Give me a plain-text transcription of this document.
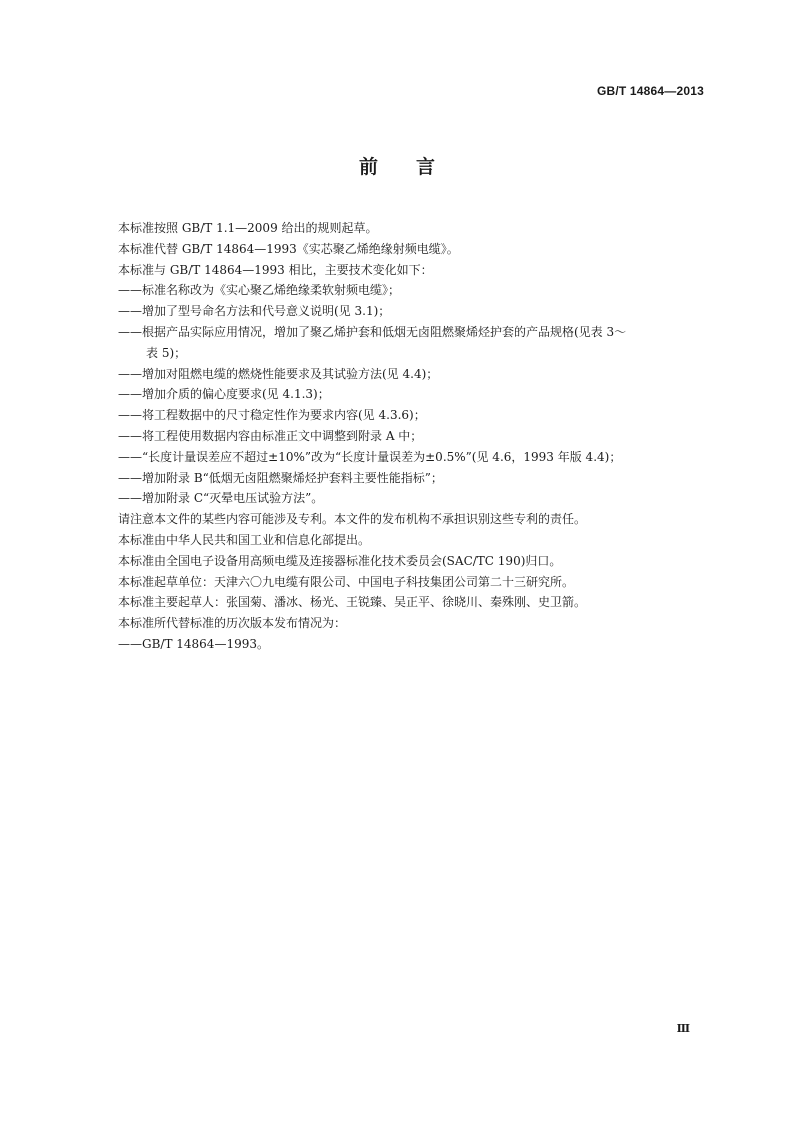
GB/T 14864—2013
前言
本标准按照 GB/T 1.1—2009 给出的规则起草。
本标准代替 GB/T 14864—1993《实芯聚乙烯绝缘射频电缆》。
本标准与 GB/T 14864—1993 相比，主要技术变化如下：
——标准名称改为《实心聚乙烯绝缘柔软射频电缆》；
——增加了型号命名方法和代号意义说明(见 3.1)；
——根据产品实际应用情况，增加了聚乙烯护套和低烟无卤阻燃聚烯烃护套的产品规格(见表 3～
表 5)；
——增加对阻燃电缆的燃烧性能要求及其试验方法(见 4.4)；
——增加介质的偏心度要求(见 4.1.3)；
——将工程数据中的尺寸稳定性作为要求内容(见 4.3.6)；
——将工程使用数据内容由标准正文中调整到附录 A 中；
——“长度计量误差应不超过±10%”改为“长度计量误差为±0.5%”(见 4.6，1993 年版 4.4)；
——增加附录 B“低烟无卤阻燃聚烯烃护套料主要性能指标”；
——增加附录 C“灭晕电压试验方法”。
请注意本文件的某些内容可能涉及专利。本文件的发布机构不承担识别这些专利的责任。
本标准由中华人民共和国工业和信息化部提出。
本标准由全国电子设备用高频电缆及连接器标准化技术委员会(SAC/TC 190)归口。
本标准起草单位：天津六〇九电缆有限公司、中国电子科技集团公司第二十三研究所。
本标准主要起草人：张国菊、潘冰、杨光、王锐臻、吴正平、徐晓川、秦殊刚、史卫箭。
本标准所代替标准的历次版本发布情况为：
——GB/T 14864—1993。
Ⅲ
